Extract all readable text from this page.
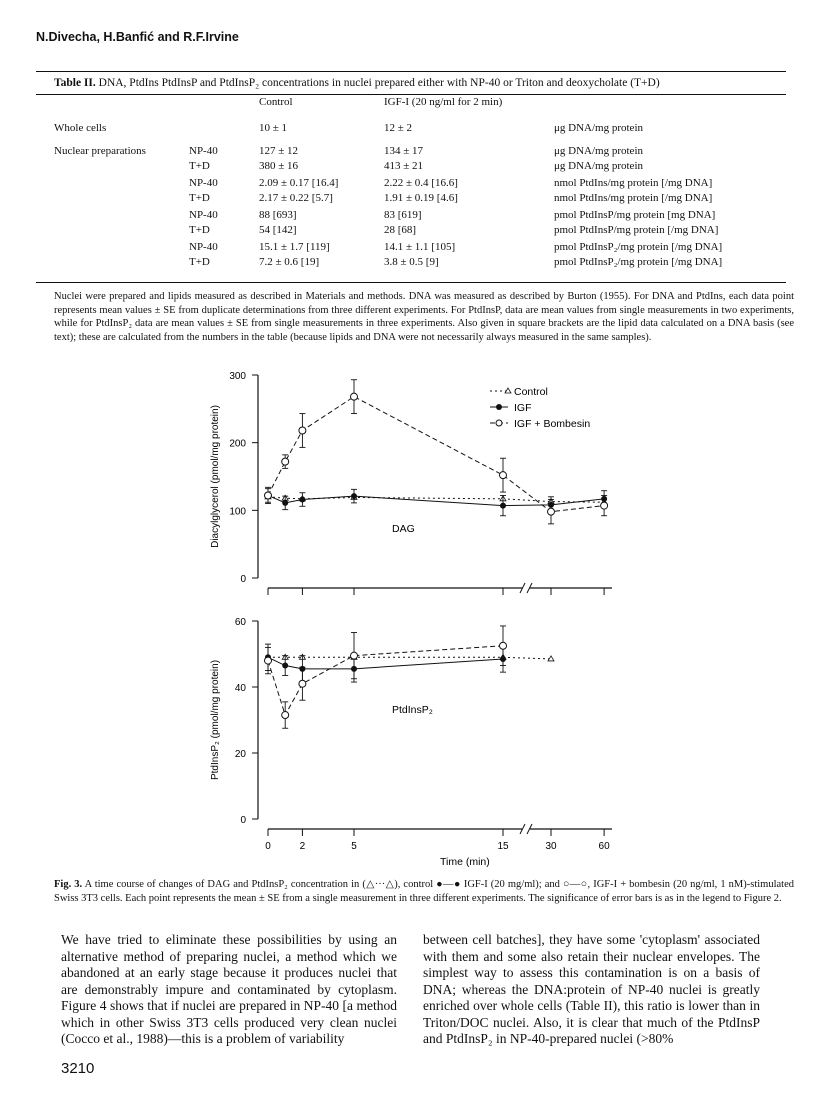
N.Divecha, H.Banfić and R.F.Irvine
Table II. DNA, PtdIns PtdInsP and PtdInsP₂ concentrations in nuclei prepared either with NP-40 or Triton and deoxycholate (T+D)
		Control	IGF-I (20 ng/ml for 2 min)	
Whole cells		10 ± 1	12 ± 2	μg DNA/mg protein

Nuclear preparations	NP-40	127 ± 12	134 ± 17	μg DNA/mg protein
	T+D	380 ± 16	413 ± 21	μg DNA/mg protein

	NP-40	2.09 ± 0.17 [16.4]	2.22 ± 0.4 [16.6]	nmol PtdIns/mg protein [/mg DNA]
	T+D	2.17 ± 0.22 [5.7]	1.91 ± 0.19 [4.6]	nmol PtdIns/mg protein [/mg DNA]

	NP-40	88 [693]	83 [619]	pmol PtdInsP/mg protein [mg DNA]
	T+D	54 [142]	28 [68]	pmol PtdInsP/mg protein [/mg DNA]

	NP-40	15.1 ± 1.7 [119]	14.1 ± 1.1 [105]	pmol PtdInsP₂/mg protein [/mg DNA]
	T+D	7.2 ± 0.6 [19]	3.8 ± 0.5 [9]	pmol PtdInsP₂/mg protein [/mg DNA]
Nuclei were prepared and lipids measured as described in Materials and methods. DNA was measured as described by Burton (1955). For DNA and PtdIns, each data point represents mean values ± SE from duplicate determinations from three different experiments. For PtdInsP, data are mean values from single measurements in two experiments, while for PtdInsP₂ data are mean values ± SE from single measurements in three experiments. Also given in square brackets are the lipid data calculated on a DNA basis (see text); these are calculated from the numbers in the table (because lipids and DNA were not necessarily always measured in the same samples).
0
100
200
300
Diacylglycerol (pmol/mg protein)	DAG
0
20
40
60
PtdInsP₂ (pmol/mg protein)	PtdInsP₂
0	2	5	15	30	60
Control
IGF
IGF + Bombesin
Time (min)
Fig. 3. A time course of changes of DAG and PtdInsP₂ concentration in (△···△), control ●—● IGF-I (20 mg/ml); and ○—○, IGF-I + bombesin (20 ng/ml, 1 nM)-stimulated Swiss 3T3 cells. Each point represents the mean ± SE from a single measurement in three different experiments. The significance of error bars is as in the legend to Figure 2.
We have tried to eliminate these possibilities by using an alternative method of preparing nuclei, a method which we abandoned at an early stage because it produces nuclei that are demonstrably impure and contaminated by cytoplasm. Figure 4 shows that if nuclei are prepared in NP-40 [a method which in other Swiss 3T3 cells produced very clean nuclei (Cocco et al., 1988)—this is a problem of variability
between cell batches], they have some 'cytoplasm' associated with them and some also retain their nuclear envelopes. The simplest way to assess this contamination is on a basis of DNA; whereas the DNA:protein of NP-40 nuclei is greatly enriched over whole cells (Table II), this ratio is lower than in Triton/DOC nuclei. Also, it is clear that much of the PtdInsP and PtdInsP₂ in NP-40-prepared nuclei (>80%
3210
